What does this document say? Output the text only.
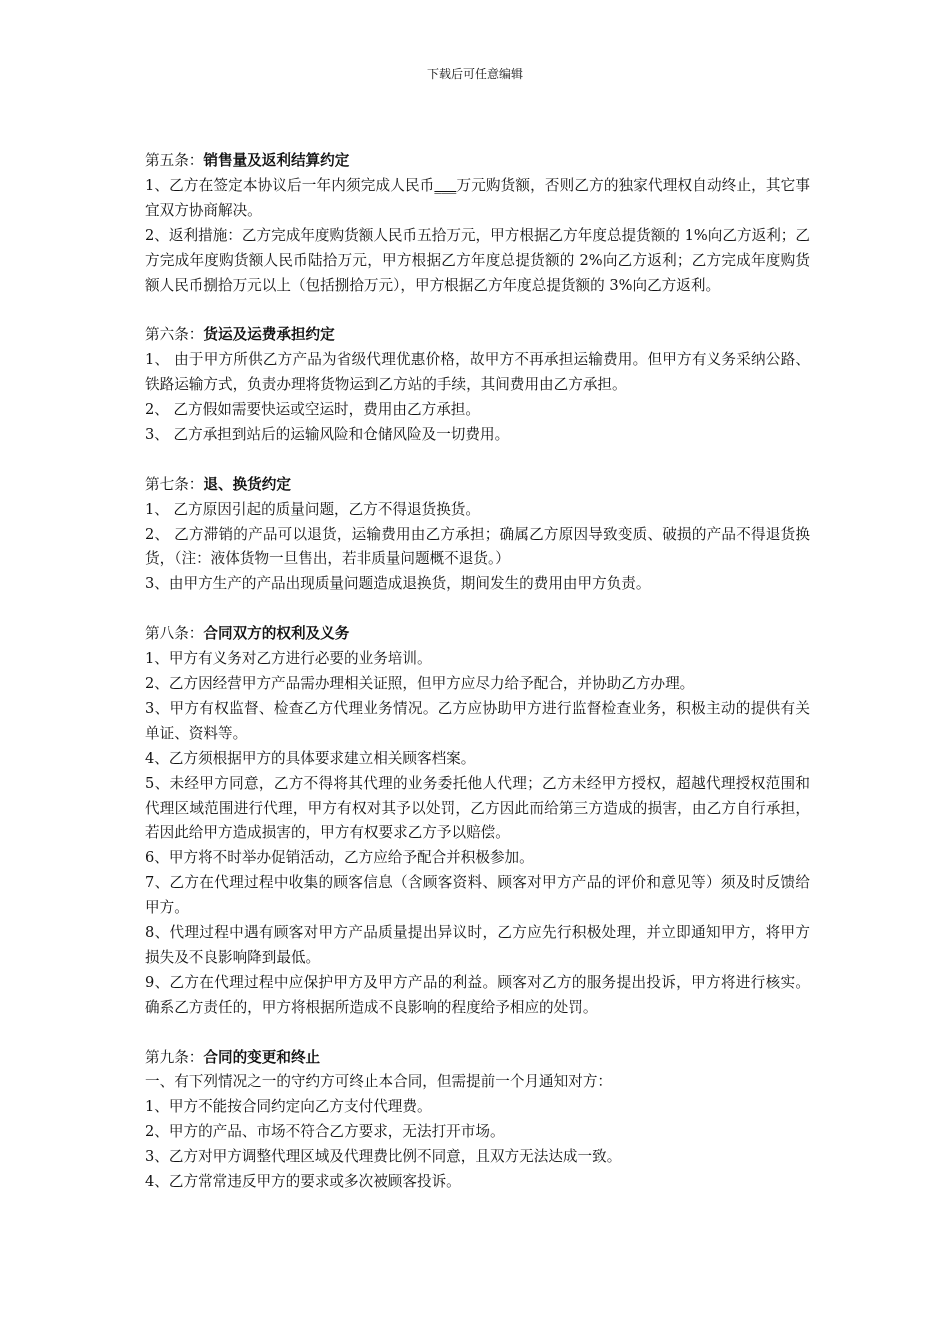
下载后可任意编辑
第五条：销售量及返利结算约定
1、乙方在签定本协议后一年内须完成人民币___万元购货额，否则乙方的独家代理权自动终止，其它事宜双方协商解决。
2、返利措施：乙方完成年度购货额人民币五拾万元，甲方根据乙方年度总提货额的 1%向乙方返利；乙方完成年度购货额人民币陆拾万元，甲方根据乙方年度总提货额的 2%向乙方返利；乙方完成年度购货额人民币捌拾万元以上（包括捌拾万元），甲方根据乙方年度总提货额的 3%向乙方返利。
第六条：货运及运费承担约定
1、 由于甲方所供乙方产品为省级代理优惠价格，故甲方不再承担运输费用。但甲方有义务采纳公路、铁路运输方式，负责办理将货物运到乙方站的手续，其间费用由乙方承担。
2、 乙方假如需要快运或空运时，费用由乙方承担。
3、 乙方承担到站后的运输风险和仓储风险及一切费用。
第七条：退、换货约定
1、 乙方原因引起的质量问题，乙方不得退货换货。
2、 乙方滞销的产品可以退货，运输费用由乙方承担；确属乙方原因导致变质、破损的产品不得退货换货，（注：液体货物一旦售出，若非质量问题概不退货。）
3、由甲方生产的产品出现质量问题造成退换货，期间发生的费用由甲方负责。
第八条：合同双方的权利及义务
1、甲方有义务对乙方进行必要的业务培训。
2、乙方因经营甲方产品需办理相关证照，但甲方应尽力给予配合，并协助乙方办理。
3、甲方有权监督、检查乙方代理业务情况。乙方应协助甲方进行监督检查业务，积极主动的提供有关单证、资料等。
4、乙方须根据甲方的具体要求建立相关顾客档案。
5、未经甲方同意，乙方不得将其代理的业务委托他人代理；乙方未经甲方授权，超越代理授权范围和代理区域范围进行代理，甲方有权对其予以处罚，乙方因此而给第三方造成的损害，由乙方自行承担，若因此给甲方造成损害的，甲方有权要求乙方予以赔偿。
6、甲方将不时举办促销活动，乙方应给予配合并积极参加。
7、乙方在代理过程中收集的顾客信息（含顾客资料、顾客对甲方产品的评价和意见等）须及时反馈给甲方。
8、代理过程中遇有顾客对甲方产品质量提出异议时，乙方应先行积极处理，并立即通知甲方，将甲方损失及不良影响降到最低。
9、乙方在代理过程中应保护甲方及甲方产品的利益。顾客对乙方的服务提出投诉，甲方将进行核实。确系乙方责任的，甲方将根据所造成不良影响的程度给予相应的处罚。
第九条：合同的变更和终止
一、有下列情况之一的守约方可终止本合同，但需提前一个月通知对方：
1、甲方不能按合同约定向乙方支付代理费。
2、甲方的产品、市场不符合乙方要求，无法打开市场。
3、乙方对甲方调整代理区域及代理费比例不同意，且双方无法达成一致。
4、乙方常常违反甲方的要求或多次被顾客投诉。
